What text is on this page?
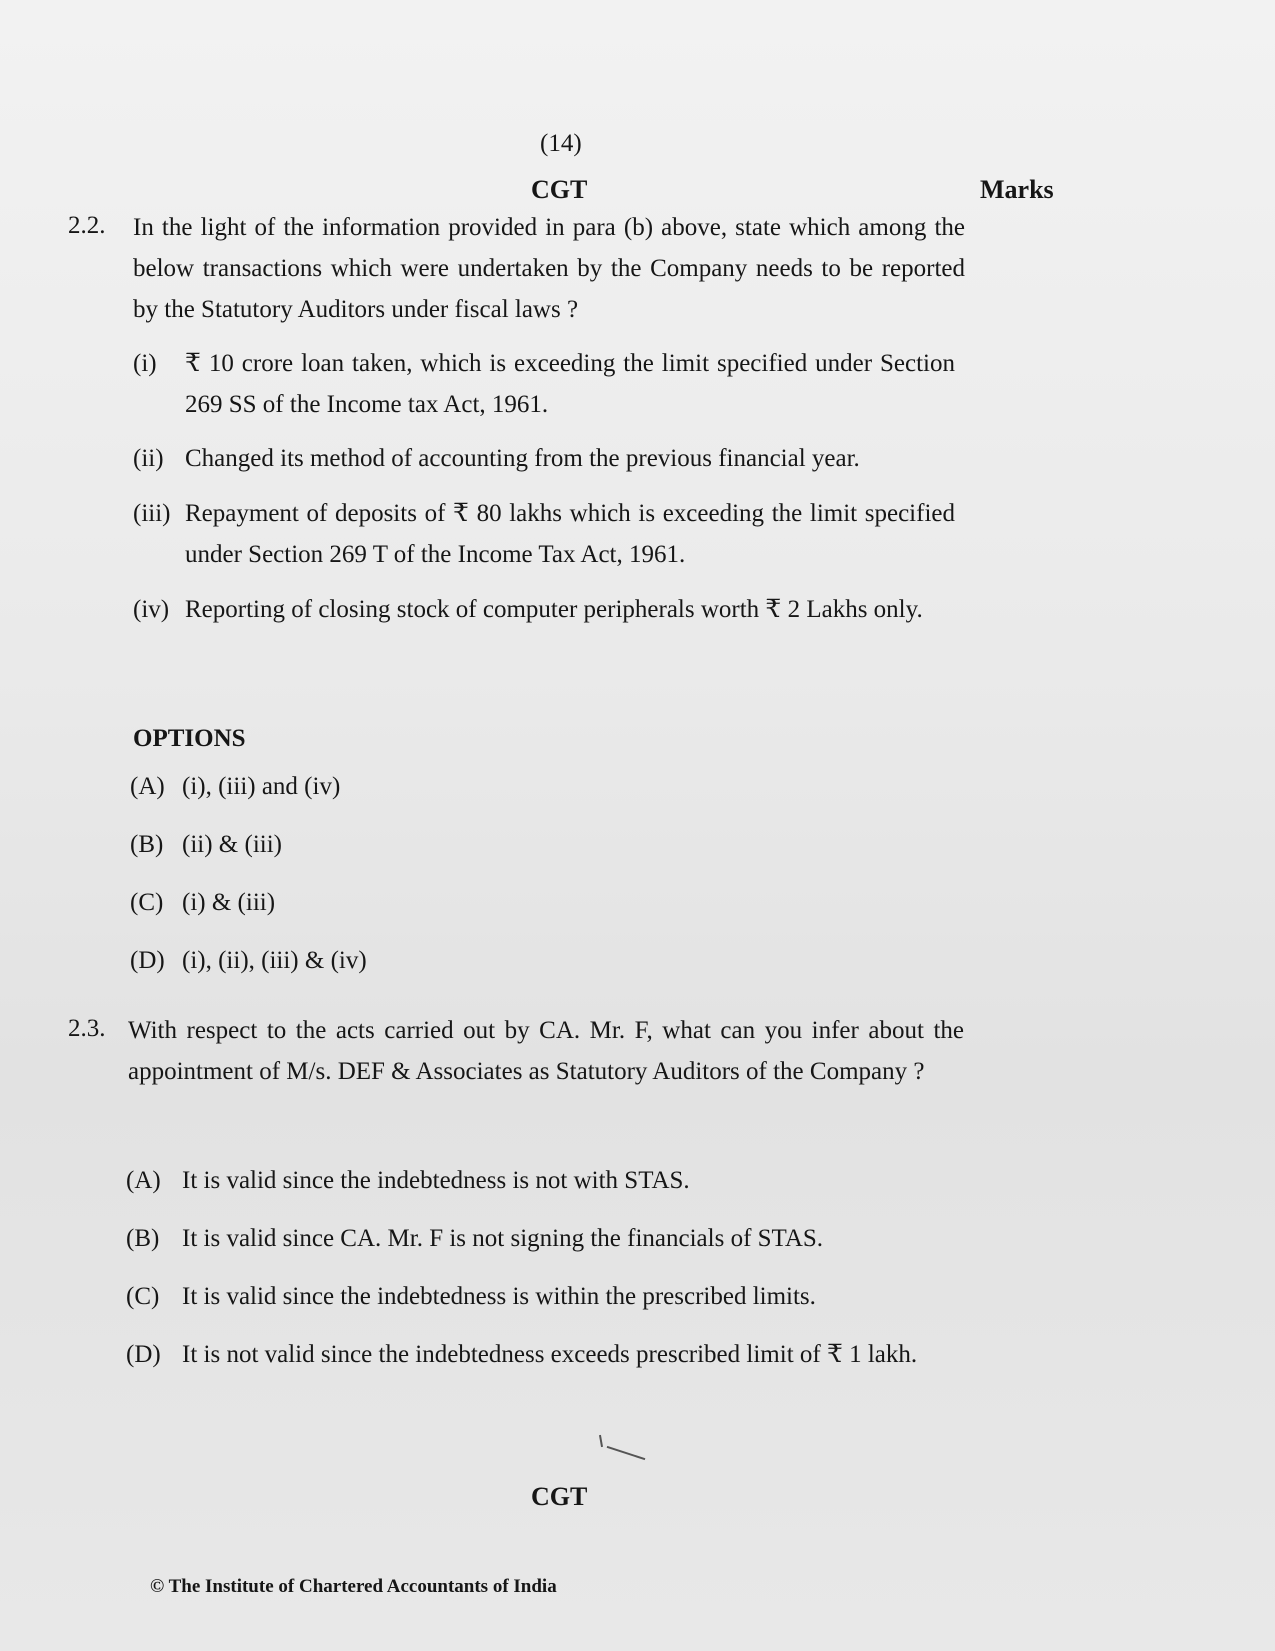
(14)
CGT	Marks
2.2. In the light of the information provided in para (b) above, state which among the below transactions which were undertaken by the Company needs to be reported by the Statutory Auditors under fiscal laws ?
(i) ₹ 10 crore loan taken, which is exceeding the limit specified under Section 269 SS of the Income tax Act, 1961.
(ii) Changed its method of accounting from the previous financial year.
(iii) Repayment of deposits of ₹ 80 lakhs which is exceeding the limit specified under Section 269 T of the Income Tax Act, 1961.
(iv) Reporting of closing stock of computer peripherals worth ₹ 2 Lakhs only.
OPTIONS
(A) (i), (iii) and (iv)
(B) (ii) & (iii)
(C) (i) & (iii)
(D) (i), (ii), (iii) & (iv)
2.3. With respect to the acts carried out by CA. Mr. F, what can you infer about the appointment of M/s. DEF & Associates as Statutory Auditors of the Company ?
(A) It is valid since the indebtedness is not with STAS.
(B) It is valid since CA. Mr. F is not signing the financials of STAS.
(C) It is valid since the indebtedness is within the prescribed limits.
(D) It is not valid since the indebtedness exceeds prescribed limit of ₹ 1 lakh.
CGT
© The Institute of Chartered Accountants of India
